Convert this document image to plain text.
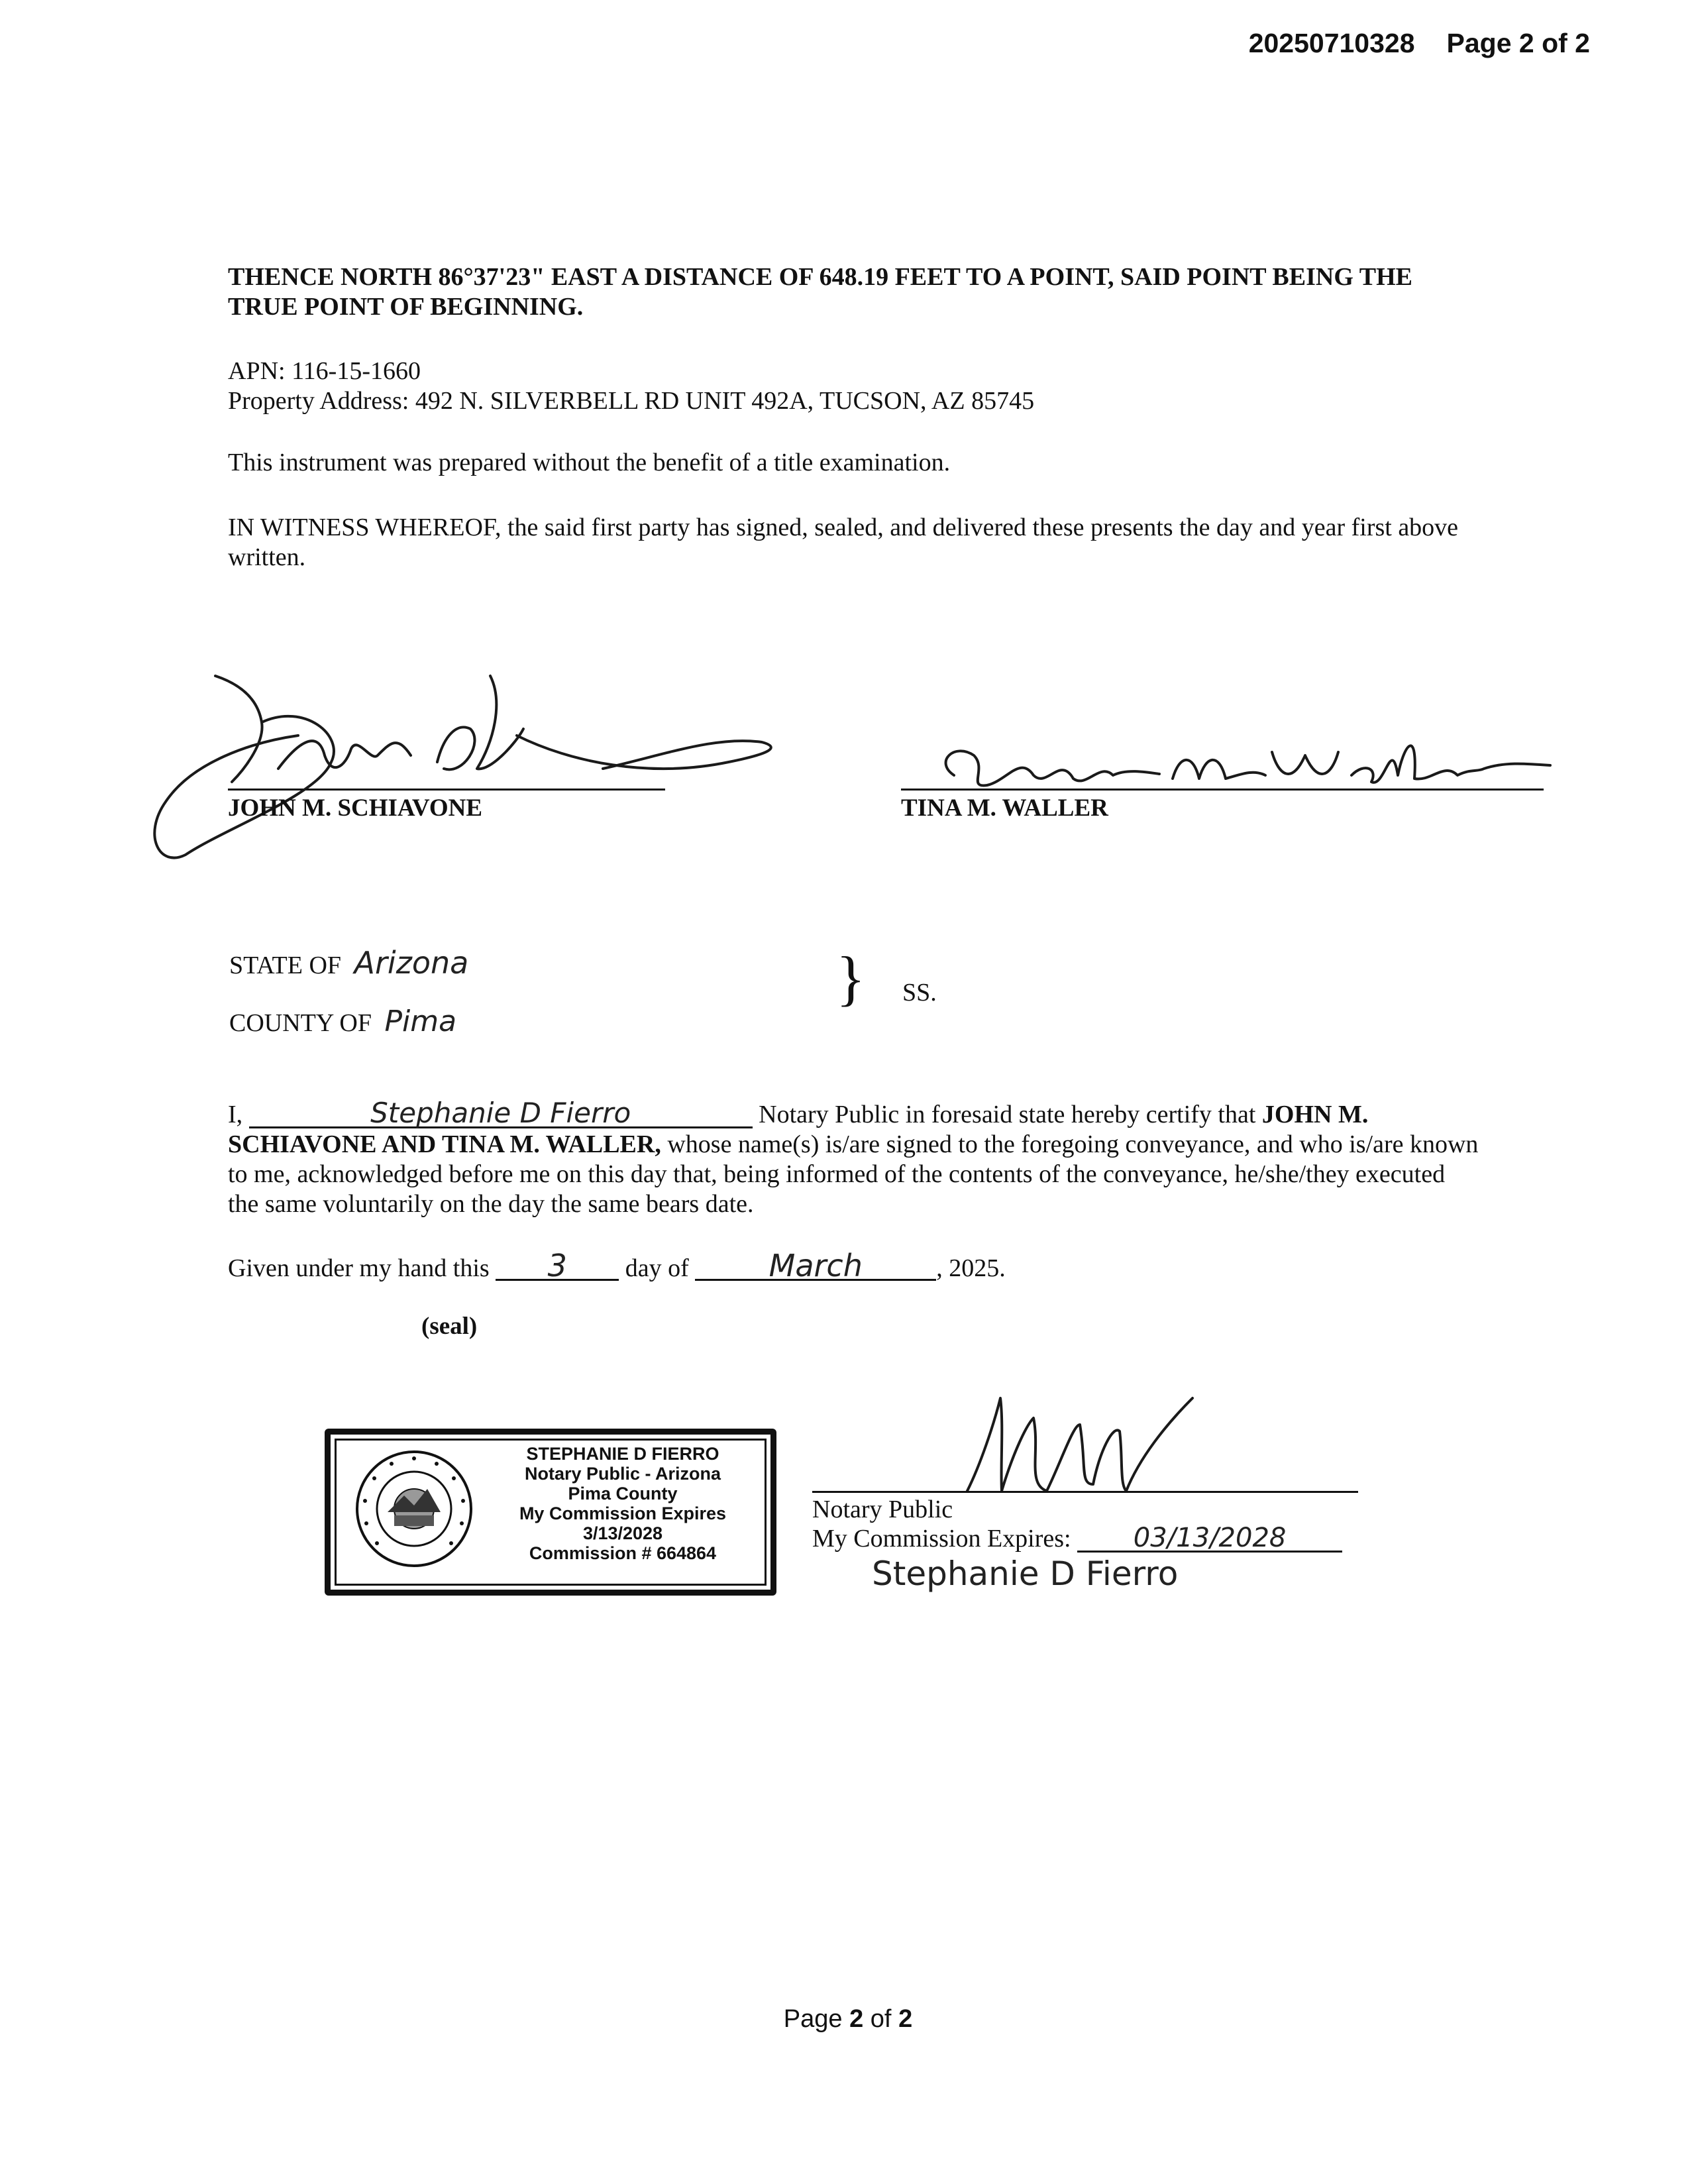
20250710328 Page 2 of 2
THENCE NORTH 86°37'23" EAST A DISTANCE OF 648.19 FEET TO A POINT, SAID POINT BEING THE TRUE POINT OF BEGINNING.
APN: 116-15-1660
Property Address: 492 N. SILVERBELL RD UNIT 492A, TUCSON, AZ 85745
This instrument was prepared without the benefit of a title examination.
IN WITNESS WHEREOF, the said first party has signed, sealed, and delivered these presents the day and year first above written.
JOHN M. SCHIAVONE	TINA M. WALLER
STATE OF Arizona
COUNTY OF Pima
} SS.
I,	Stephanie D Fierro	Notary Public in foresaid state hereby certify that JOHN M. SCHIAVONE AND TINA M. WALLER, whose name(s) is/are signed to the foregoing conveyance, and who is/are known to me, acknowledged before me on this day that, being informed of the contents of the conveyance, he/she/they executed the same voluntarily on the day the same bears date.
Given under my hand this 3 day of	March	, 2025.
(seal)
STEPHANIE D FIERRO
Notary Public - Arizona
Pima County
My Commission Expires
3/13/2028
Commission # 664864
Notary Public
My Commission Expires: 03/13/2028
Stephanie D Fierro
Page 2 of 2
